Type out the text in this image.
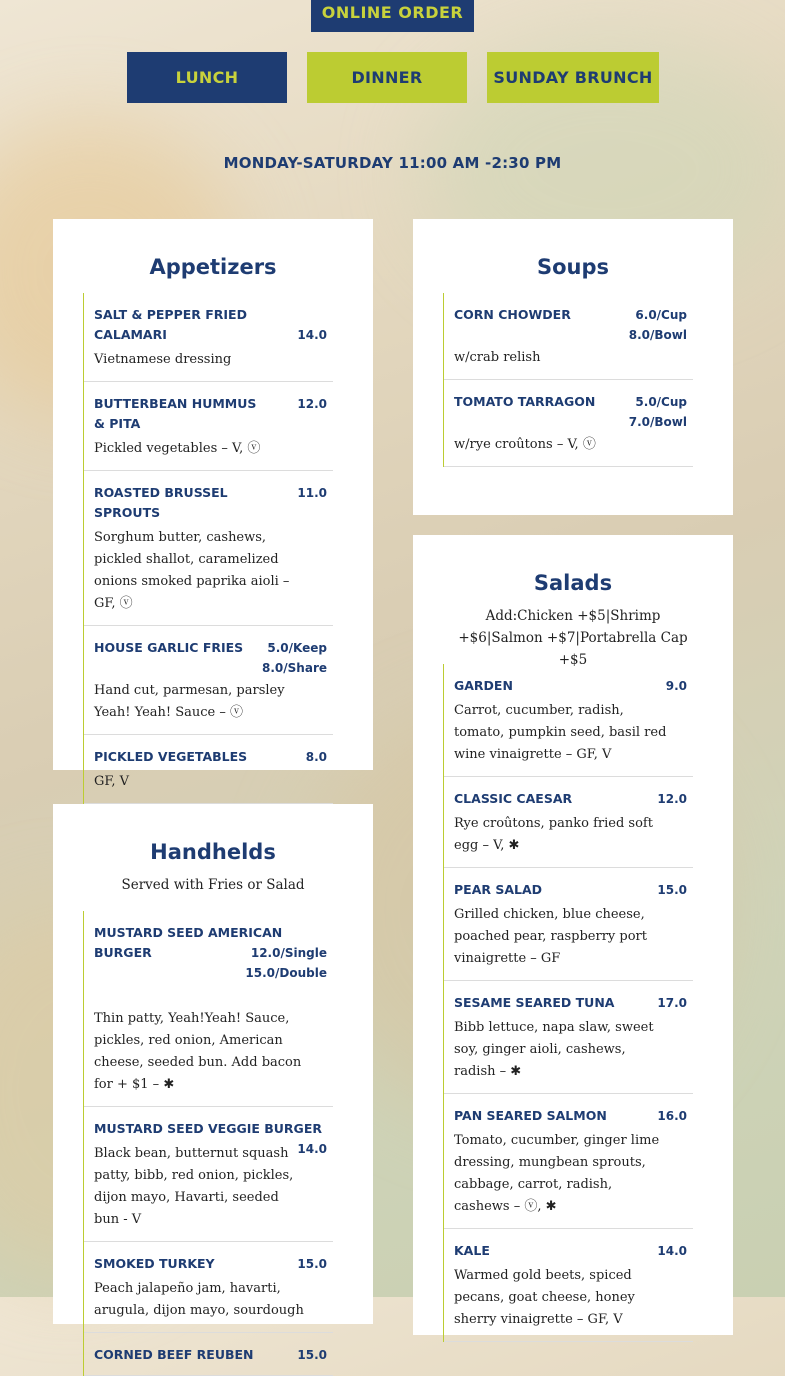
ONLINE ORDER
LUNCH	DINNER	SUNDAY BRUNCH
MONDAY-SATURDAY 11:00 AM -2:30 PM
Appetizers
SALT & PEPPER FRIED CALAMARI	14.0
Vietnamese dressing
BUTTERBEAN HUMMUS & PITA
12.0
Pickled vegetables – V, ⓥ
ROASTED BRUSSEL SPROUTS
11.0
Sorghum butter, cashews, pickled shallot, caramelized onions smoked paprika aioli – GF, ⓥ
HOUSE GARLIC FRIES	5.0/Keep
8.0/Share
Hand cut, parmesan, parsley Yeah! Yeah! Sauce – ⓥ
PICKLED VEGETABLES	8.0
GF, V
Soups
CORN CHOWDER	6.0/Cup
8.0/Bowl
w/crab relish
TOMATO TARRAGON	5.0/Cup
7.0/Bowl
w/rye croûtons – V, ⓥ
Salads
Add:Chicken +$5|Shrimp +$6|Salmon +$7|Portabrella Cap +$5
GARDEN	9.0
Carrot, cucumber, radish, tomato, pumpkin seed, basil red wine vinaigrette – GF, V
CLASSIC CAESAR	12.0
Rye croûtons, panko fried soft egg – V, ✱
PEAR SALAD	15.0
Grilled chicken, blue cheese, poached pear, raspberry port vinaigrette – GF
SESAME SEARED TUNA	17.0
Bibb lettuce, napa slaw, sweet soy, ginger aioli, cashews, radish – ✱
PAN SEARED SALMON	16.0
Tomato, cucumber, ginger lime dressing, mungbean sprouts, cabbage, carrot, radish, cashews – ⓥ, ✱
KALE	14.0
Warmed gold beets, spiced pecans, goat cheese, honey sherry vinaigrette – GF, V
Handhelds
Served with Fries or Salad
MUSTARD SEED AMERICAN BURGER	12.0/Single
15.0/Double
Thin patty, Yeah!Yeah! Sauce, pickles, red onion, American cheese, seeded bun. Add bacon for + $1 – ✱
MUSTARD SEED VEGGIE BURGER
14.0
Black bean, butternut squash patty, bibb, red onion, pickles, dijon mayo, Havarti, seeded bun - V
SMOKED TURKEY	15.0
Peach jalapeño jam, havarti, arugula, dijon mayo, sourdough
CORNED BEEF REUBEN	15.0
